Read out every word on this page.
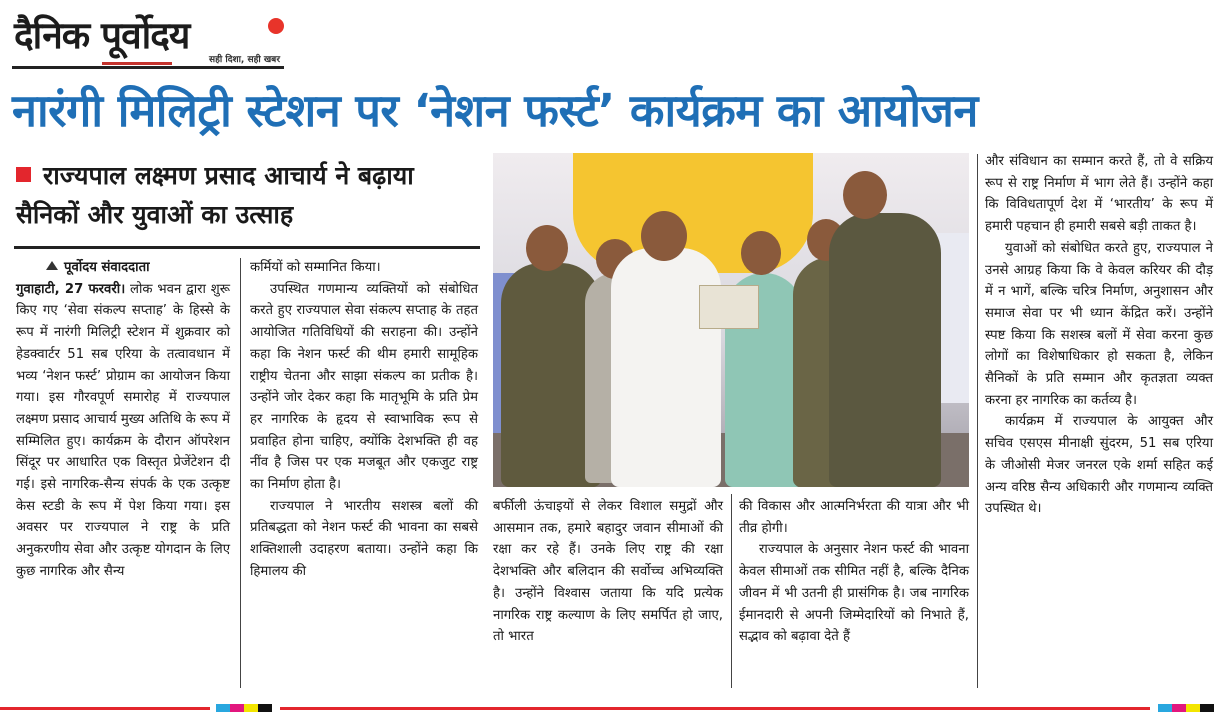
दैनिक पूर्वोदय
सही दिशा, सही खबर
नारंगी मिलिट्री स्टेशन पर ‘नेशन फर्स्ट’ कार्यक्रम का आयोजन
राज्यपाल लक्ष्मण प्रसाद आचार्य ने बढ़ाया सैनिकों और युवाओं का उत्साह

पूर्वोदय संवाददाता

गुवाहाटी, 27 फरवरी। लोक भवन द्वारा शुरू किए गए ‘सेवा संकल्प सप्ताह’ के हिस्से के रूप में नारंगी मिलिट्री स्टेशन में शुक्रवार को हेडक्वार्टर 51 सब एरिया के तत्वावधान में भव्य ‘नेशन फर्स्ट’ प्रोग्राम का आयोजन किया गया। इस गौरवपूर्ण समारोह में राज्यपाल लक्ष्मण प्रसाद आचार्य मुख्य अतिथि के रूप में सम्मिलित हुए। कार्यक्रम के दौरान ऑपरेशन सिंदूर पर आधारित एक विस्तृत प्रेजेंटेशन दी गई। इसे नागरिक-सैन्य संपर्क के एक उत्कृष्ट केस स्टडी के रूप में पेश किया गया। इस अवसर पर राज्यपाल ने राष्ट्र के प्रति अनुकरणीय सेवा और उत्कृष्ट योगदान के लिए कुछ नागरिक और सैन्य

कर्मियों को सम्मानित किया।

उपस्थित गणमान्य व्यक्तियों को संबोधित करते हुए राज्यपाल सेवा संकल्प सप्ताह के तहत आयोजित गतिविधियों की सराहना की। उन्होंने कहा कि नेशन फर्स्ट की थीम हमारी सामूहिक राष्ट्रीय चेतना और साझा संकल्प का प्रतीक है। उन्होंने जोर देकर कहा कि मातृभूमि के प्रति प्रेम हर नागरिक के हृदय से स्वाभाविक रूप से प्रवाहित होना चाहिए, क्योंकि देशभक्ति ही वह नींव है जिस पर एक मजबूत और एकजुट राष्ट्र का निर्माण होता है।

राज्यपाल ने भारतीय सशस्त्र बलों की प्रतिबद्धता को नेशन फर्स्ट की भावना का सबसे शक्तिशाली उदाहरण बताया। उन्होंने कहा कि हिमालय की

बर्फीली ऊंचाइयों से लेकर विशाल समुद्रों और आसमान तक, हमारे बहादुर जवान सीमाओं की रक्षा कर रहे हैं। उनके लिए राष्ट्र की रक्षा देशभक्ति और बलिदान की सर्वोच्च अभिव्यक्ति है। उन्होंने विश्वास जताया कि यदि प्रत्येक नागरिक राष्ट्र कल्याण के लिए समर्पित हो जाए, तो भारत

की विकास और आत्मनिर्भरता की यात्रा और भी तीव्र होगी।

राज्यपाल के अनुसार नेशन फर्स्ट की भावना केवल सीमाओं तक सीमित नहीं है, बल्कि दैनिक जीवन में भी उतनी ही प्रासंगिक है। जब नागरिक ईमानदारी से अपनी जिम्मेदारियों को निभाते हैं, सद्भाव को बढ़ावा देते हैं

और संविधान का सम्मान करते हैं, तो वे सक्रिय रूप से राष्ट्र निर्माण में भाग लेते हैं। उन्होंने कहा कि विविधतापूर्ण देश में ‘भारतीय’ के रूप में हमारी पहचान ही हमारी सबसे बड़ी ताकत है।

युवाओं को संबोधित करते हुए, राज्यपाल ने उनसे आग्रह किया कि वे केवल करियर की दौड़ में न भागें, बल्कि चरित्र निर्माण, अनुशासन और समाज सेवा पर भी ध्यान केंद्रित करें। उन्होंने स्पष्ट किया कि सशस्त्र बलों में सेवा करना कुछ लोगों का विशेषाधिकार हो सकता है, लेकिन सैनिकों के प्रति सम्मान और कृतज्ञता व्यक्त करना हर नागरिक का कर्तव्य है।

कार्यक्रम में राज्यपाल के आयुक्त और सचिव एसएस मीनाक्षी सुंदरम, 51 सब एरिया के जीओसी मेजर जनरल एके शर्मा सहित कई अन्य वरिष्ठ सैन्य अधिकारी और गणमान्य व्यक्ति उपस्थित थे।
